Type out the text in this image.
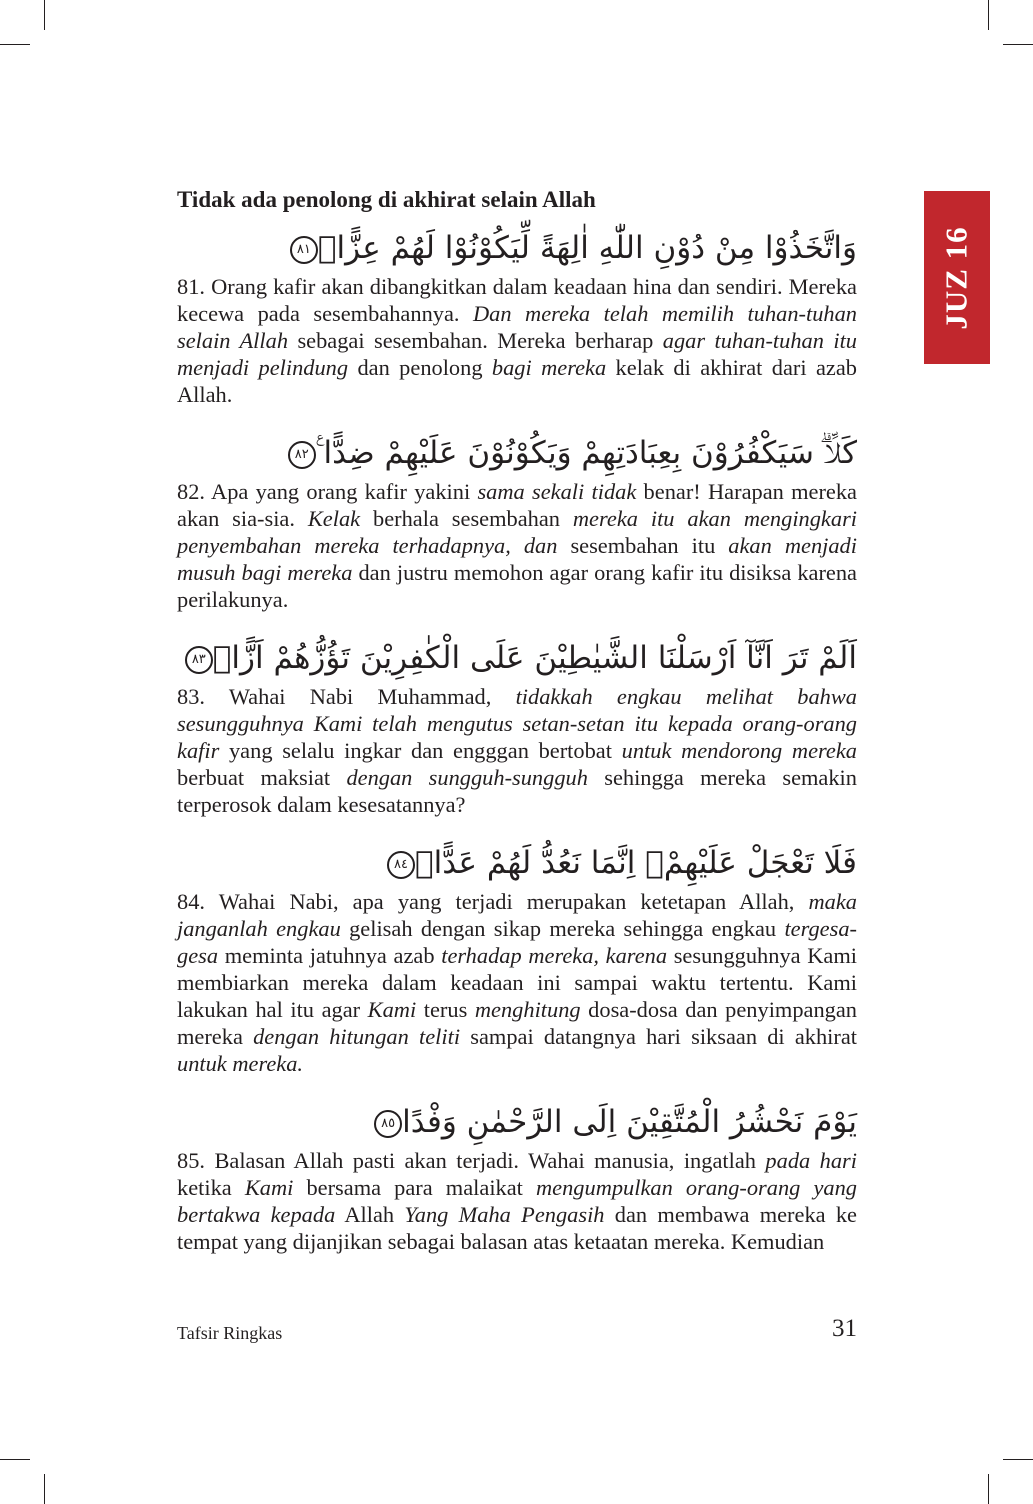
JUZ 16
Tidak ada penolong di akhirat selain Allah
وَاتَّخَذُوْا مِنْ دُوْنِ اللّٰهِ اٰلِهَةً لِّيَكُوْنُوْا لَهُمْ عِزًّاۙ٨١

81. Orang kafir akan dibangkitkan dalam keadaan hina dan sendiri. Mereka kecewa pada sesembahannya. Dan mereka telah memilih tuhan-tuhan selain Allah sebagai sesembahan. Mereka berharap agar tuhan-tuhan itu menjadi pelindung dan penolong bagi mereka kelak di akhirat dari azab Allah.

كَلَّاۗ سَيَكْفُرُوْنَ بِعِبَادَتِهِمْ وَيَكُوْنُوْنَ عَلَيْهِمْ ضِدًّا ࣖ٨٢

82. Apa yang orang kafir yakini sama sekali tidak benar! Harapan mereka akan sia-sia. Kelak berhala sesembahan mereka itu akan mengingkari penyembahan mereka terhadapnya, dan sesembahan itu akan menjadi musuh bagi mereka dan justru memohon agar orang kafir itu disiksa karena perilakunya.

اَلَمْ تَرَ اَنَّآ اَرْسَلْنَا الشَّيٰطِيْنَ عَلَى الْكٰفِرِيْنَ تَؤُزُّهُمْ اَزًّاۙ٨٣

83. Wahai Nabi Muhammad, tidakkah engkau melihat bahwa sesungguhnya Kami telah mengutus setan-setan itu kepada orang-orang kafir yang selalu ingkar dan engggan bertobat untuk mendorong mereka berbuat maksiat dengan sungguh-sungguh sehingga mereka semakin terperosok dalam kesesatannya?

فَلَا تَعْجَلْ عَلَيْهِمْۗ اِنَّمَا نَعُدُّ لَهُمْ عَدًّاۚ٨٤

84. Wahai Nabi, apa yang terjadi merupakan ketetapan Allah, maka janganlah engkau gelisah dengan sikap mereka sehingga engkau tergesa-gesa meminta jatuhnya azab terhadap mereka, karena sesungguhnya Kami membiarkan mereka dalam keadaan ini sampai waktu tertentu. Kami lakukan hal itu agar Kami terus menghitung dosa-dosa dan penyimpangan mereka dengan hitungan teliti sampai datangnya hari siksaan di akhirat untuk mereka.

يَوْمَ نَحْشُرُ الْمُتَّقِيْنَ اِلَى الرَّحْمٰنِ وَفْدًا٨٥

85. Balasan Allah pasti akan terjadi. Wahai manusia, ingatlah pada hari ketika Kami bersama para malaikat mengumpulkan orang-orang yang bertakwa kepada Allah Yang Maha Pengasih dan membawa mereka ke tempat yang dijanjikan sebagai balasan atas ketaatan mereka. Kemudian

Tafsir Ringkas	31
